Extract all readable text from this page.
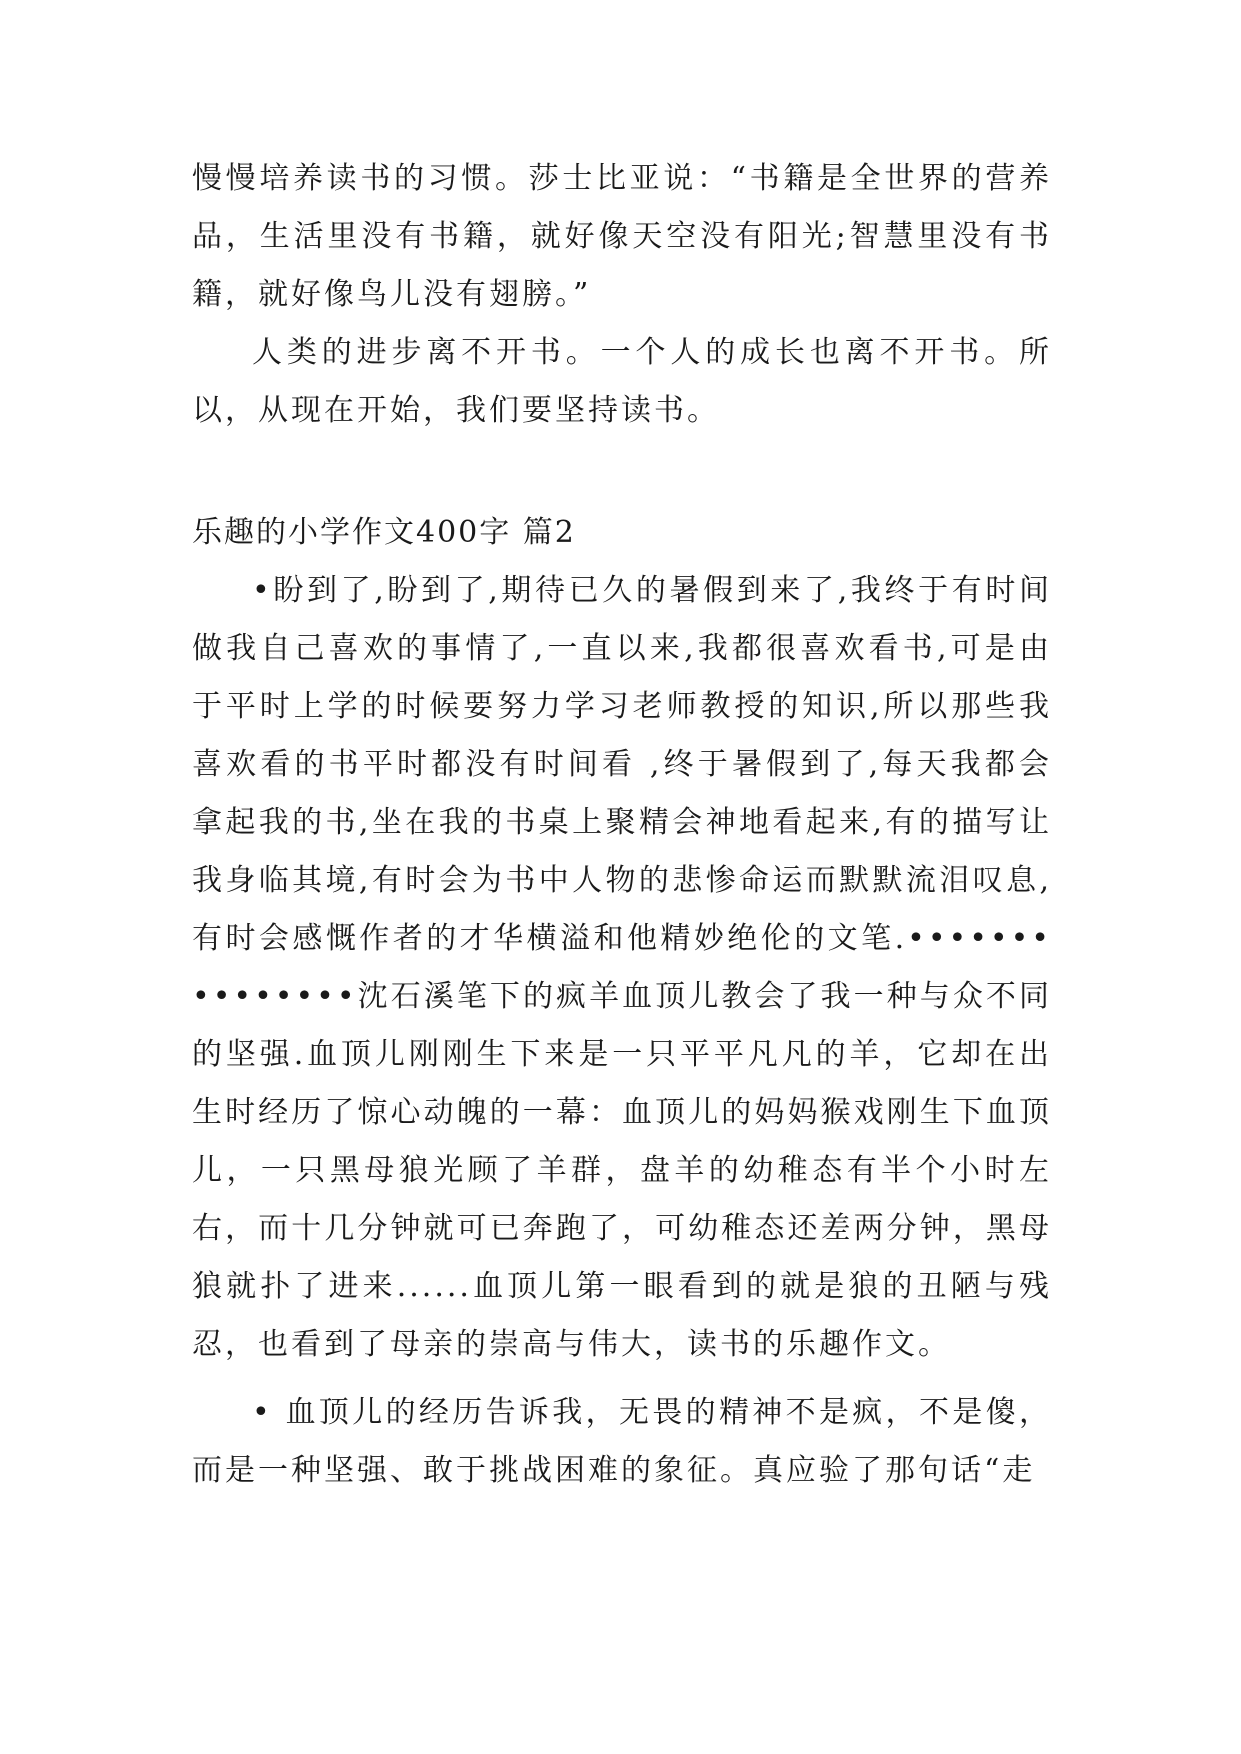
慢慢培养读书的习惯。莎士比亚说：“书籍是全世界的营养品，生活里没有书籍，就好像天空没有阳光;智慧里没有书籍，就好像鸟儿没有翅膀。”

人类的进步离不开书。一个人的成长也离不开书。所以，从现在开始，我们要坚持读书。

乐趣的小学作文400字 篇2

•盼到了,盼到了,期待已久的暑假到来了,我终于有时间做我自己喜欢的事情了,一直以来,我都很喜欢看书,可是由于平时上学的时候要努力学习老师教授的知识,所以那些我喜欢看的书平时都没有时间看 ,终于暑假到了,每天我都会拿起我的书,坐在我的书桌上聚精会神地看起来,有的描写让我身临其境,有时会为书中人物的悲惨命运而默默流泪叹息,有时会感慨作者的才华横溢和他精妙绝伦的文笔.•••••••••••••••沈石溪笔下的疯羊血顶儿教会了我一种与众不同的坚强.血顶儿刚刚生下来是一只平平凡凡的羊，它却在出生时经历了惊心动魄的一幕：血顶儿的妈妈猴戏刚生下血顶儿，一只黑母狼光顾了羊群，盘羊的幼稚态有半个小时左右，而十几分钟就可已奔跑了，可幼稚态还差两分钟，黑母狼就扑了进来......血顶儿第一眼看到的就是狼的丑陋与残忍，也看到了母亲的崇高与伟大，读书的乐趣作文。

• 血顶儿的经历告诉我，无畏的精神不是疯，不是傻，而是一种坚强、敢于挑战困难的象征。真应验了那句话“走
